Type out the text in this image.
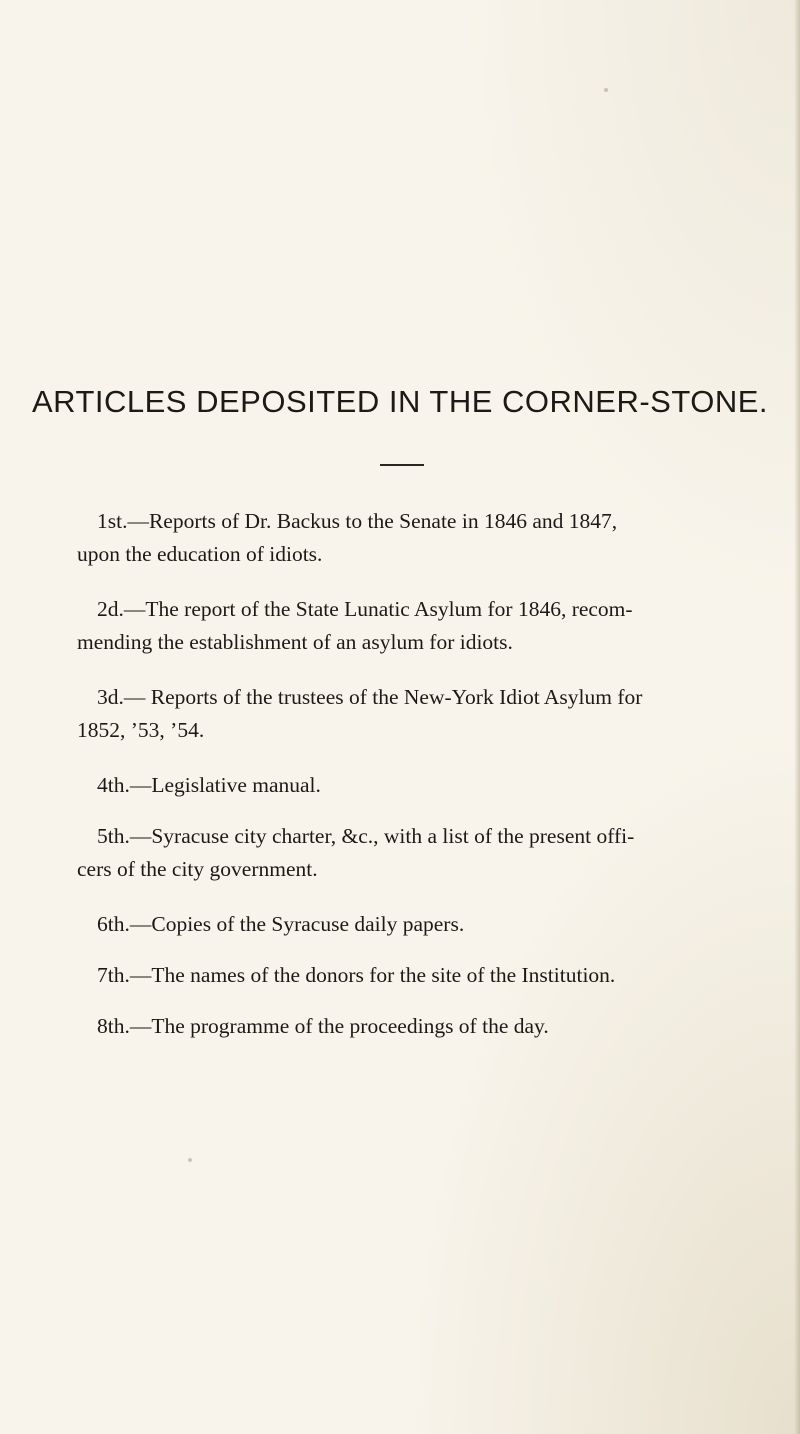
ARTICLES DEPOSITED IN THE CORNER-STONE.
1st.—Reports of Dr. Backus to the Senate in 1846 and 1847,
upon the education of idiots.
2d.—The report of the State Lunatic Asylum for 1846, recom-
mending the establishment of an asylum for idiots.
3d.— Reports of the trustees of the New-York Idiot Asylum for
1852, ’53, ’54.
4th.—Legislative manual.
5th.—Syracuse city charter, &c., with a list of the present offi-
cers of the city government.
6th.—Copies of the Syracuse daily papers.
7th.—The names of the donors for the site of the Institution.
8th.—The programme of the proceedings of the day.
